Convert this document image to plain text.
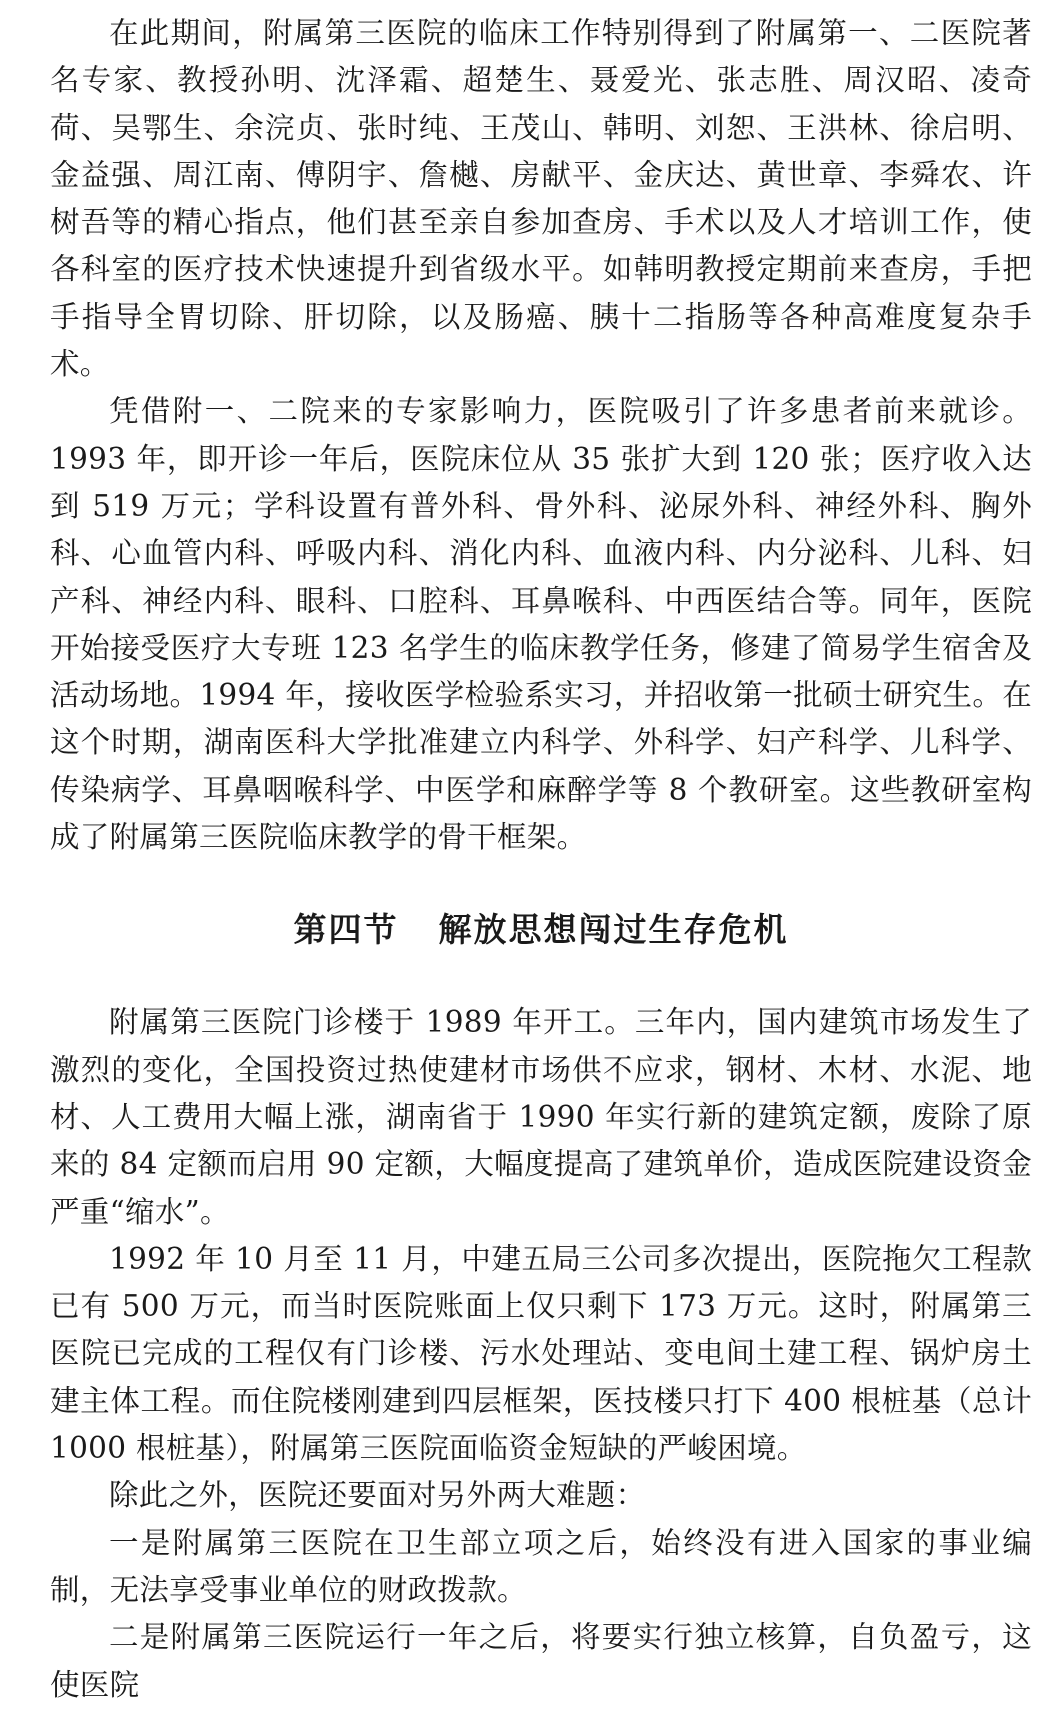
在此期间，附属第三医院的临床工作特别得到了附属第一、二医院著名专家、教授孙明、沈泽霜、超楚生、聂爱光、张志胜、周汉昭、凌奇荷、吴鄂生、余浣贞、张时纯、王茂山、韩明、刘恕、王洪林、徐启明、金益强、周江南、傅阴宇、詹樾、房献平、金庆达、黄世章、李舜农、许树吾等的精心指点，他们甚至亲自参加查房、手术以及人才培训工作，使各科室的医疗技术快速提升到省级水平。如韩明教授定期前来查房，手把手指导全胃切除、肝切除，以及肠癌、胰十二指肠等各种高难度复杂手术。

凭借附一、二院来的专家影响力，医院吸引了许多患者前来就诊。1993 年，即开诊一年后，医院床位从 35 张扩大到 120 张；医疗收入达到 519 万元；学科设置有普外科、骨外科、泌尿外科、神经外科、胸外科、心血管内科、呼吸内科、消化内科、血液内科、内分泌科、儿科、妇产科、神经内科、眼科、口腔科、耳鼻喉科、中西医结合等。同年，医院开始接受医疗大专班 123 名学生的临床教学任务，修建了简易学生宿舍及活动场地。1994 年，接收医学检验系实习，并招收第一批硕士研究生。在这个时期，湖南医科大学批准建立内科学、外科学、妇产科学、儿科学、传染病学、耳鼻咽喉科学、中医学和麻醉学等 8 个教研室。这些教研室构成了附属第三医院临床教学的骨干框架。

第四节 解放思想闯过生存危机

附属第三医院门诊楼于 1989 年开工。三年内，国内建筑市场发生了激烈的变化，全国投资过热使建材市场供不应求，钢材、木材、水泥、地材、人工费用大幅上涨，湖南省于 1990 年实行新的建筑定额，废除了原来的 84 定额而启用 90 定额，大幅度提高了建筑单价，造成医院建设资金严重“缩水”。

1992 年 10 月至 11 月，中建五局三公司多次提出，医院拖欠工程款已有 500 万元，而当时医院账面上仅只剩下 173 万元。这时，附属第三医院已完成的工程仅有门诊楼、污水处理站、变电间土建工程、锅炉房土建主体工程。而住院楼刚建到四层框架，医技楼只打下 400 根桩基（总计 1000 根桩基），附属第三医院面临资金短缺的严峻困境。

除此之外，医院还要面对另外两大难题：

一是附属第三医院在卫生部立项之后，始终没有进入国家的事业编制，无法享受事业单位的财政拨款。

二是附属第三医院运行一年之后，将要实行独立核算，自负盈亏，这使医院
